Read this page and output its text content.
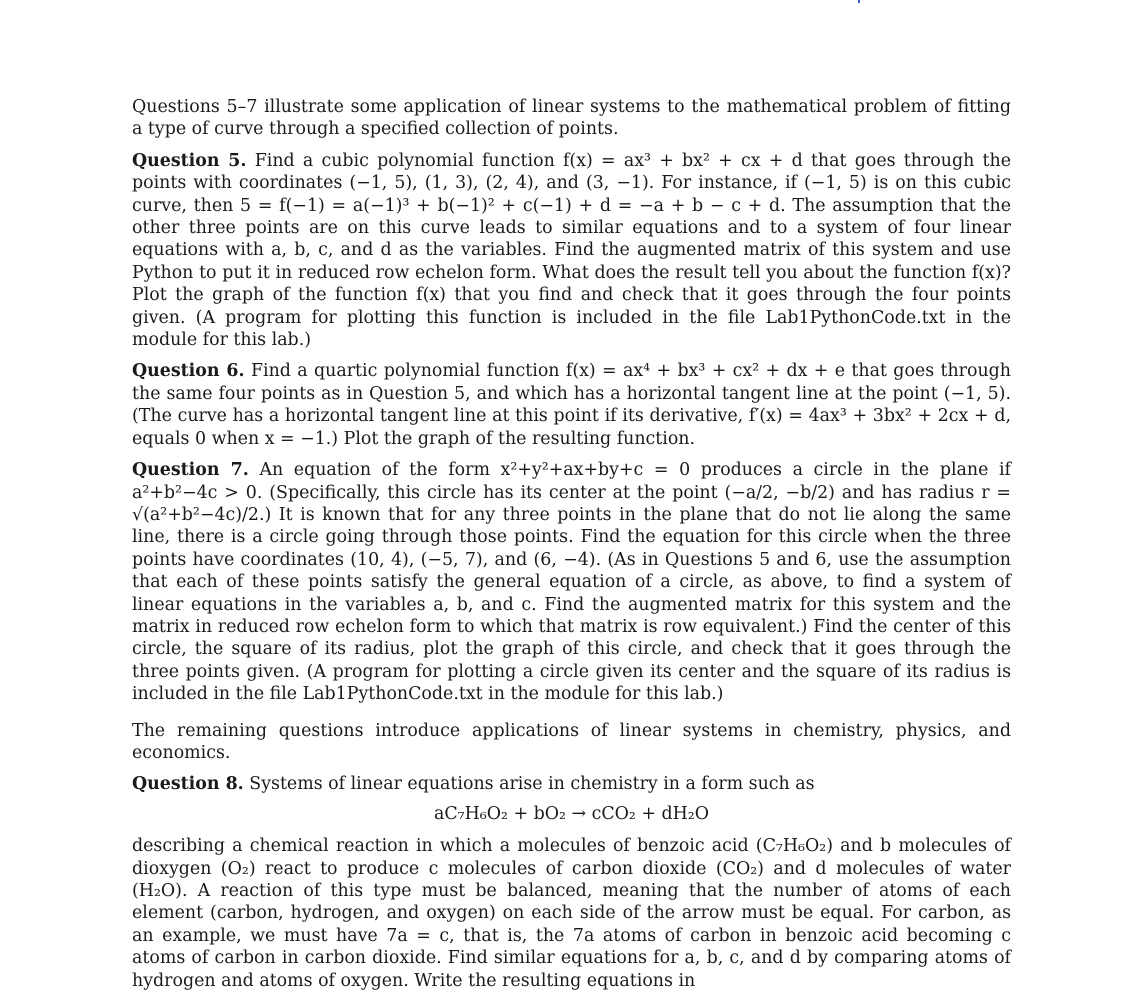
Questions 5–7 illustrate some application of linear systems to the mathematical problem of fitting a type of curve through a specified collection of points.

Question 5. Find a cubic polynomial function f(x) = ax³ + bx² + cx + d that goes through the points with coordinates (−1, 5), (1, 3), (2, 4), and (3, −1). For instance, if (−1, 5) is on this cubic curve, then 5 = f(−1) = a(−1)³ + b(−1)² + c(−1) + d = −a + b − c + d. The assumption that the other three points are on this curve leads to similar equations and to a system of four linear equations with a, b, c, and d as the variables. Find the augmented matrix of this system and use Python to put it in reduced row echelon form. What does the result tell you about the function f(x)? Plot the graph of the function f(x) that you find and check that it goes through the four points given. (A program for plotting this function is included in the file Lab1PythonCode.txt in the module for this lab.)

Question 6. Find a quartic polynomial function f(x) = ax⁴ + bx³ + cx² + dx + e that goes through the same four points as in Question 5, and which has a horizontal tangent line at the point (−1, 5). (The curve has a horizontal tangent line at this point if its derivative, f′(x) = 4ax³ + 3bx² + 2cx + d, equals 0 when x = −1.) Plot the graph of the resulting function.

Question 7. An equation of the form x²+y²+ax+by+c = 0 produces a circle in the plane if a²+b²−4c > 0. (Specifically, this circle has its center at the point (−a/2, −b/2) and has radius r = √(a²+b²−4c)/2.) It is known that for any three points in the plane that do not lie along the same line, there is a circle going through those points. Find the equation for this circle when the three points have coordinates (10, 4), (−5, 7), and (6, −4). (As in Questions 5 and 6, use the assumption that each of these points satisfy the general equation of a circle, as above, to find a system of linear equations in the variables a, b, and c. Find the augmented matrix for this system and the matrix in reduced row echelon form to which that matrix is row equivalent.) Find the center of this circle, the square of its radius, plot the graph of this circle, and check that it goes through the three points given. (A program for plotting a circle given its center and the square of its radius is included in the file Lab1PythonCode.txt in the module for this lab.)

The remaining questions introduce applications of linear systems in chemistry, physics, and economics.

Question 8. Systems of linear equations arise in chemistry in a form such as

aC₇H₆O₂ + bO₂ → cCO₂ + dH₂O

describing a chemical reaction in which a molecules of benzoic acid (C₇H₆O₂) and b molecules of dioxygen (O₂) react to produce c molecules of carbon dioxide (CO₂) and d molecules of water (H₂O). A reaction of this type must be balanced, meaning that the number of atoms of each element (carbon, hydrogen, and oxygen) on each side of the arrow must be equal. For carbon, as an example, we must have 7a = c, that is, the 7a atoms of carbon in benzoic acid becoming c atoms of carbon in carbon dioxide. Find similar equations for a, b, c, and d by comparing atoms of hydrogen and atoms of oxygen. Write the resulting equations in
